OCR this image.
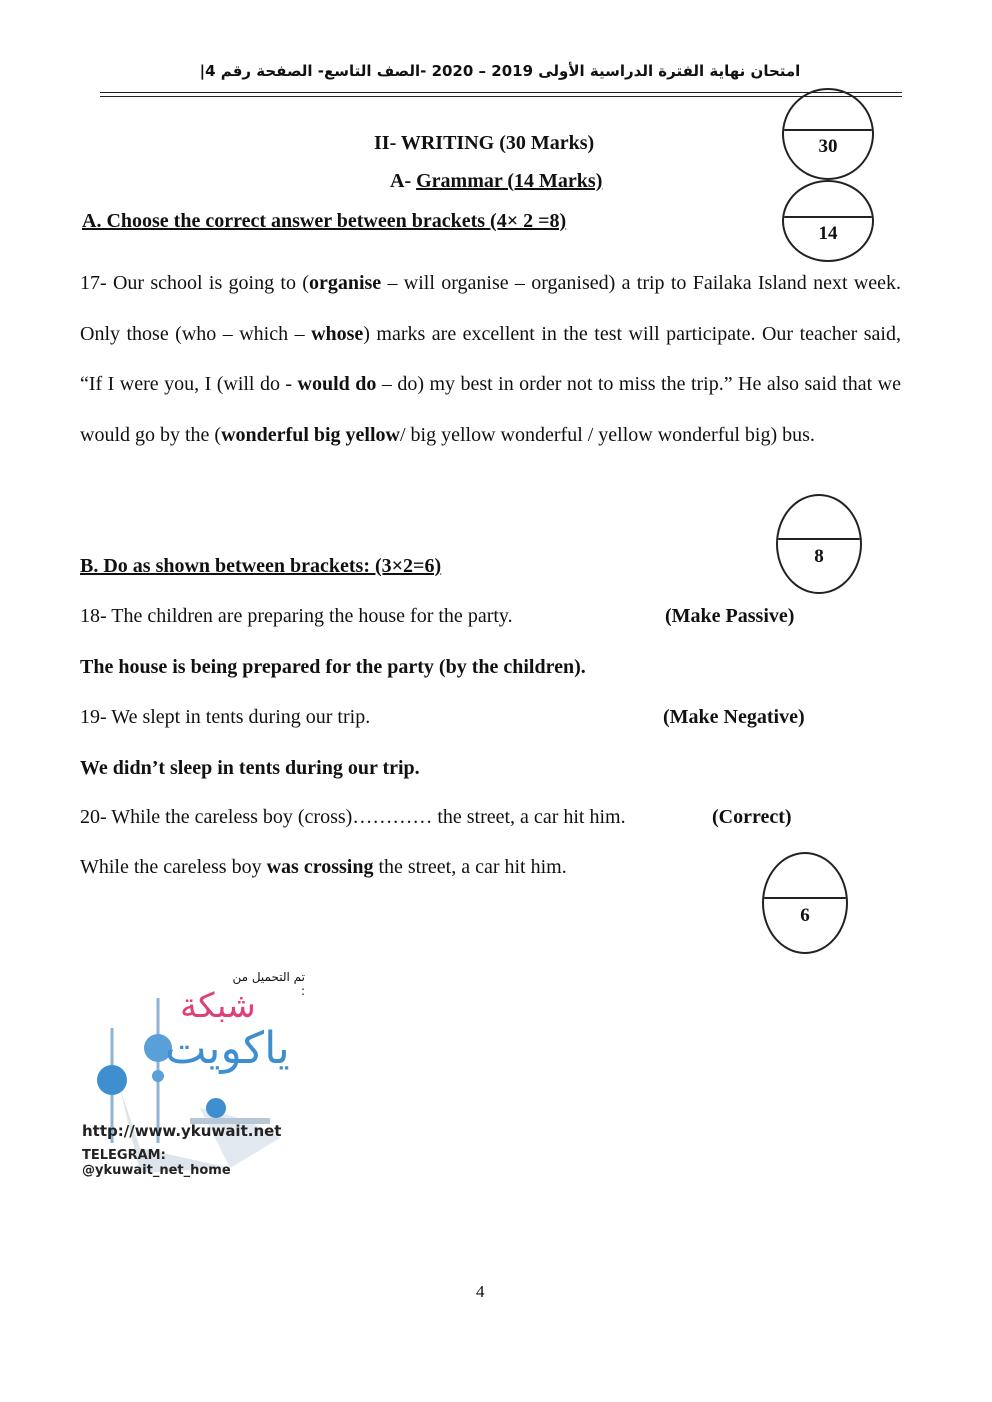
امتحان نهاية الفترة الدراسية الأولى 2019 – 2020 -الصف التاسع- الصفحة رقم 4|
II- WRITING (30 Marks)
A- Grammar (14 Marks)
30
14
8
6
A. Choose the correct answer between brackets (4× 2 =8)
17- Our school is going to (organise – will organise – organised) a trip to Failaka Island next week. Only those (who – which – whose) marks are excellent in the test will participate. Our teacher said, “If I were you, I (will do - would do – do) my best in order not to miss the trip.” He also said that we would go by the (wonderful big yellow/ big yellow wonderful / yellow wonderful big) bus.
B. Do as shown between brackets: (3×2=6)
18- The children are preparing the house for the party.	(Make Passive)
The house is being prepared for the party (by the children).
19- We slept in tents during our trip.	(Make Negative)
We didn’t sleep in tents during our trip.
20- While the careless boy (cross)………… the street, a car hit him.	(Correct)
While the careless boy was crossing the street, a car hit him.
تم التحميل من :
شبكة
ياكويت
http://www.ykuwait.net
TELEGRAM: @ykuwait_net_home
4
